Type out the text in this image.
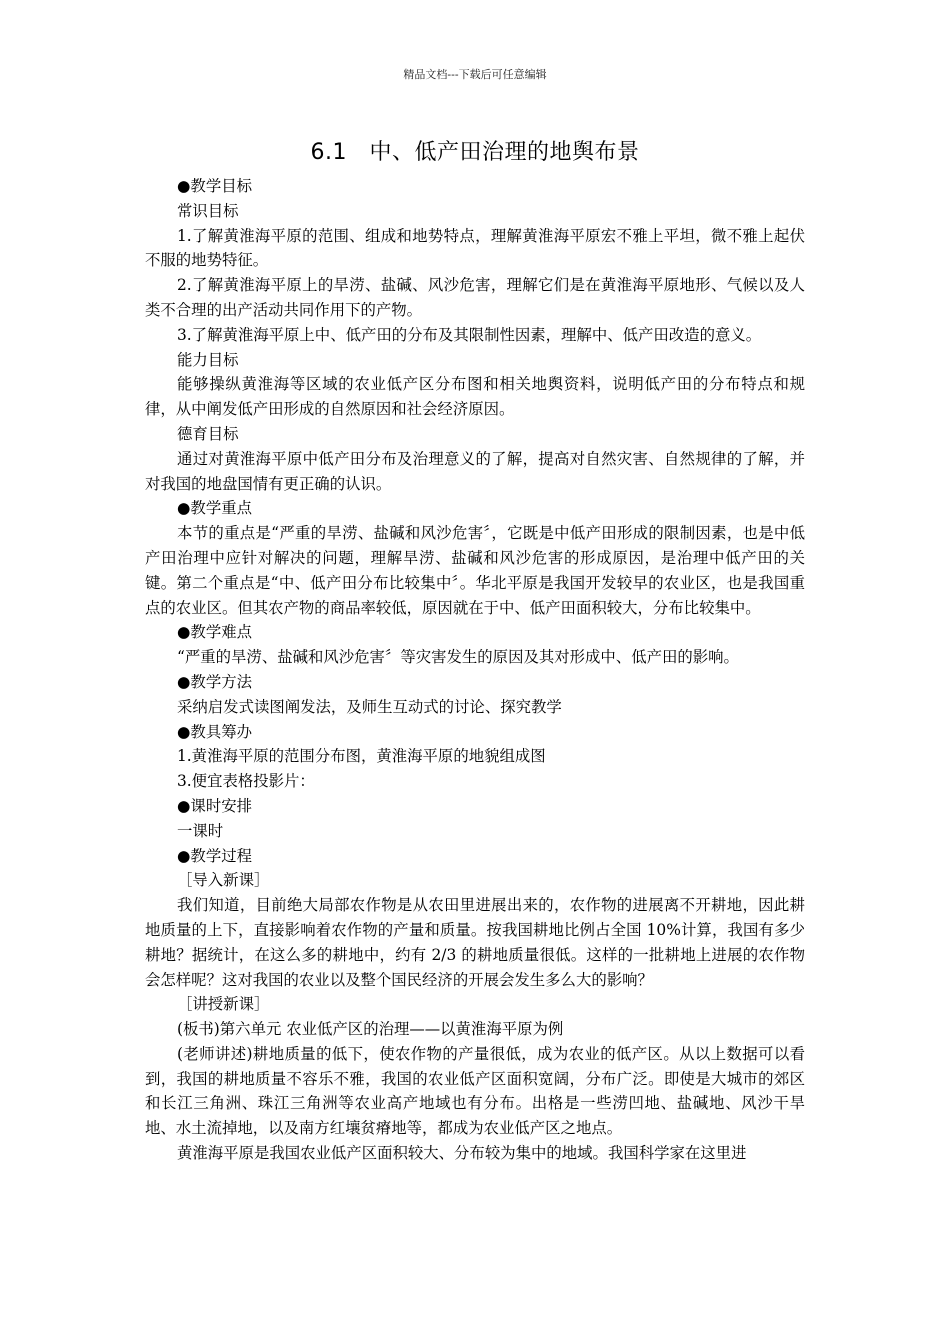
精品文档---下载后可任意编辑
6.1　中、低产田治理的地舆布景

●教学目标

常识目标

1.了解黄淮海平原的范围、组成和地势特点，理解黄淮海平原宏不雅上平坦，微不雅上起伏不服的地势特征。

2.了解黄淮海平原上的旱涝、盐碱、风沙危害，理解它们是在黄淮海平原地形、气候以及人类不合理的出产活动共同作用下的产物。

3.了解黄淮海平原上中、低产田的分布及其限制性因素，理解中、低产田改造的意义。

能力目标

能够操纵黄淮海等区域的农业低产区分布图和相关地舆资料，说明低产田的分布特点和规律，从中阐发低产田形成的自然原因和社会经济原因。

德育目标

通过对黄淮海平原中低产田分布及治理意义的了解，提高对自然灾害、自然规律的了解，并对我国的地盘国情有更正确的认识。

●教学重点

本节的重点是“严重的旱涝、盐碱和风沙危害〞，它既是中低产田形成的限制因素，也是中低产田治理中应针对解决的问题，理解旱涝、盐碱和风沙危害的形成原因，是治理中低产田的关键。第二个重点是“中、低产田分布比较集中〞。华北平原是我国开发较早的农业区，也是我国重点的农业区。但其农产物的商品率较低，原因就在于中、低产田面积较大，分布比较集中。

●教学难点

“严重的旱涝、盐碱和风沙危害〞等灾害发生的原因及其对形成中、低产田的影响。

●教学方法

采纳启发式读图阐发法，及师生互动式的讨论、探究教学

●教具筹办

1.黄淮海平原的范围分布图，黄淮海平原的地貌组成图

3.便宜表格投影片：

●课时安排

一课时

●教学过程

［导入新课］

我们知道，目前绝大局部农作物是从农田里进展出来的，农作物的进展离不开耕地，因此耕地质量的上下，直接影响着农作物的产量和质量。按我国耕地比例占全国 10%计算，我国有多少耕地？据统计，在这么多的耕地中，约有 2/3 的耕地质量很低。这样的一批耕地上进展的农作物会怎样呢？这对我国的农业以及整个国民经济的开展会发生多么大的影响？

［讲授新课］

(板书)第六单元 农业低产区的治理——以黄淮海平原为例

(老师讲述)耕地质量的低下，使农作物的产量很低，成为农业的低产区。从以上数据可以看到，我国的耕地质量不容乐不雅，我国的农业低产区面积宽阔，分布广泛。即使是大城市的郊区和长江三角洲、珠江三角洲等农业高产地域也有分布。出格是一些涝凹地、盐碱地、风沙干旱地、水土流掉地，以及南方红壤贫瘠地等，都成为农业低产区之地点。

黄淮海平原是我国农业低产区面积较大、分布较为集中的地域。我国科学家在这里进
